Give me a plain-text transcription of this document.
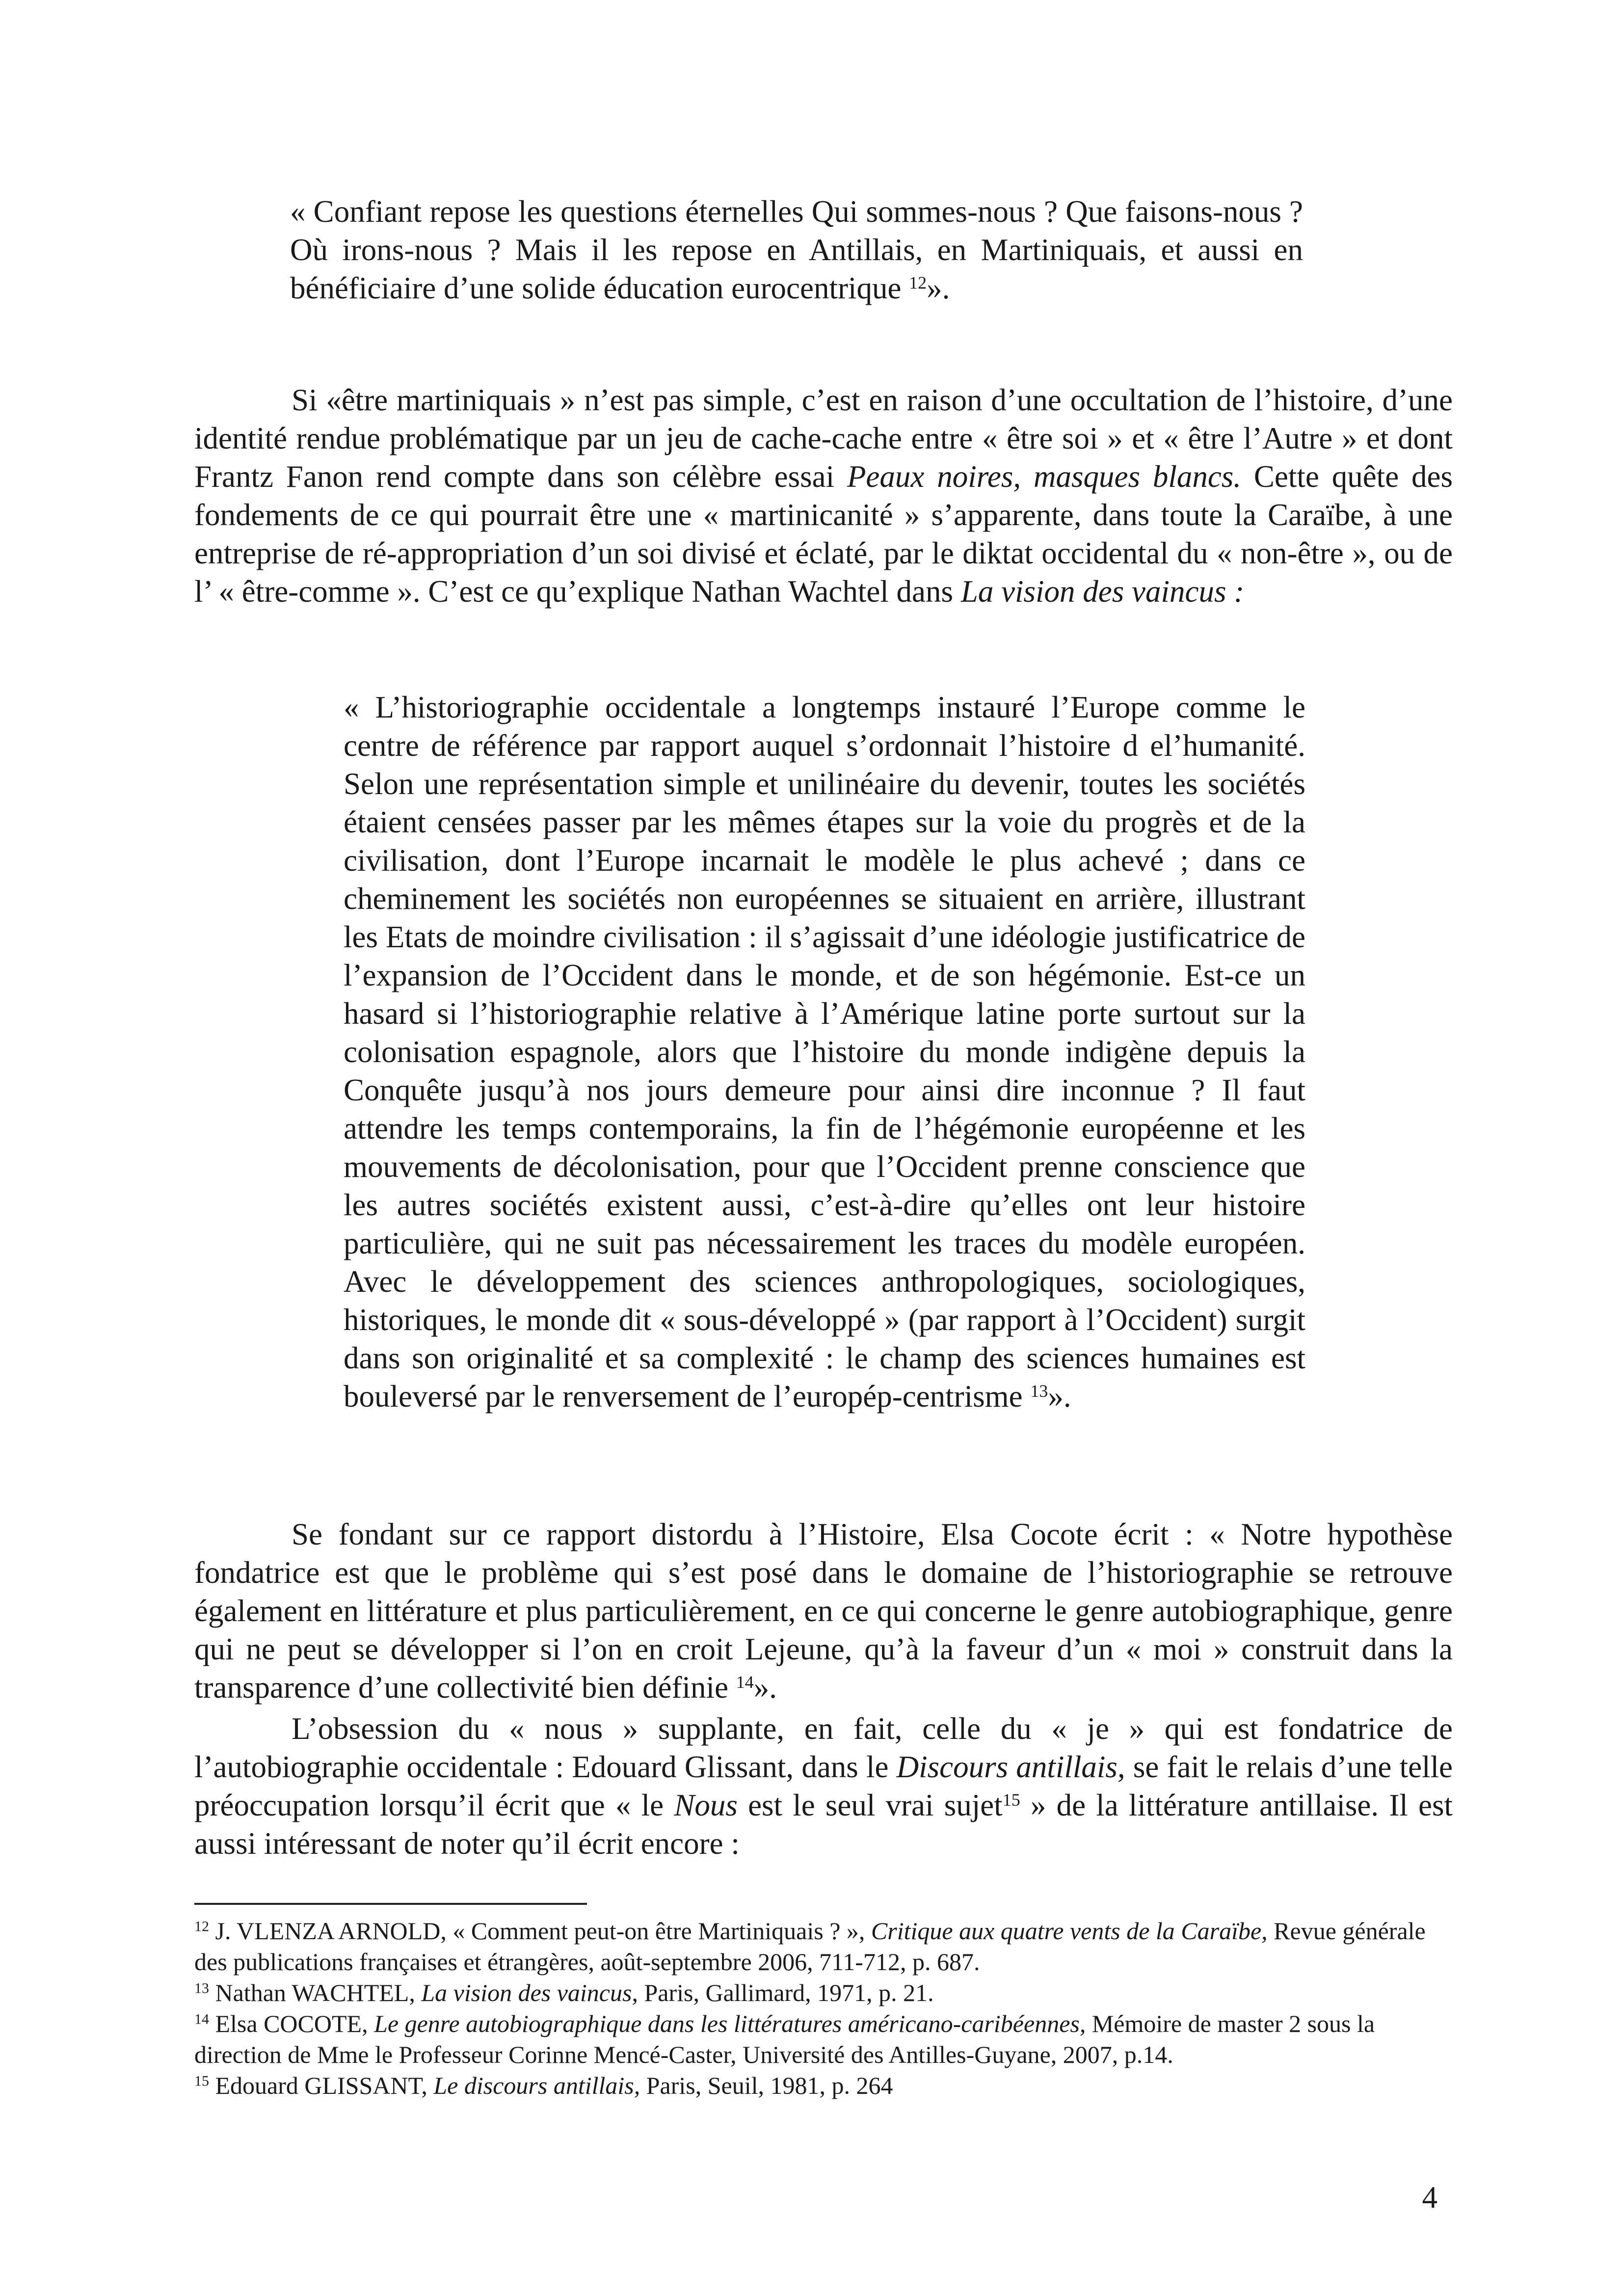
« Confiant repose les questions éternelles Qui sommes-nous ? Que faisons-nous ? Où irons-nous ? Mais il les repose en Antillais, en Martiniquais, et aussi en bénéficiaire d’une solide éducation eurocentrique $^{12}$».

Si «être martiniquais » n’est pas simple, c’est en raison d’une occultation de l’histoire, d’une identité rendue problématique par un jeu de cache-cache entre « être soi » et « être l’Autre » et dont Frantz Fanon rend compte dans son célèbre essai Peaux noires, masques blancs. Cette quête des fondements de ce qui pourrait être une « martinicanité » s’apparente, dans toute la Caraïbe, à une entreprise de ré-appropriation d’un soi divisé et éclaté, par le diktat occidental du « non-être », ou de l’ « être-comme ». C’est ce qu’explique Nathan Wachtel dans La vision des vaincus :

« L’historiographie occidentale a longtemps instauré l’Europe comme le centre de référence par rapport auquel s’ordonnait l’histoire d el’humanité. Selon une représentation simple et unilinéaire du devenir, toutes les sociétés étaient censées passer par les mêmes étapes sur la voie du progrès et de la civilisation, dont l’Europe incarnait le modèle le plus achevé ; dans ce cheminement les sociétés non européennes se situaient en arrière, illustrant les Etats de moindre civilisation : il s’agissait d’une idéologie justificatrice de l’expansion de l’Occident dans le monde, et de son hégémonie. Est-ce un hasard si l’historiographie relative à l’Amérique latine porte surtout sur la colonisation espagnole, alors que l’histoire du monde indigène depuis la Conquête jusqu’à nos jours demeure pour ainsi dire inconnue ? Il faut attendre les temps contemporains, la fin de l’hégémonie européenne et les mouvements de décolonisation, pour que l’Occident prenne conscience que les autres sociétés existent aussi, c’est-à-dire qu’elles ont leur histoire particulière, qui ne suit pas nécessairement les traces du modèle européen. Avec le développement des sciences anthropologiques, sociologiques, historiques, le monde dit « sous-développé » (par rapport à l’Occident) surgit dans son originalité et sa complexité : le champ des sciences humaines est bouleversé par le renversement de l’europép-centrisme $^{13}$».

Se fondant sur ce rapport distordu à l’Histoire, Elsa Cocote écrit : « Notre hypothèse fondatrice est que le problème qui s’est posé dans le domaine de l’historiographie se retrouve également en littérature et plus particulièrement, en ce qui concerne le genre autobiographique, genre qui ne peut se développer si l’on en croit Lejeune, qu’à la faveur d’un « moi » construit dans la transparence d’une collectivité bien définie $^{14}$».

L’obsession du « nous » supplante, en fait, celle du « je » qui est fondatrice de l’autobiographie occidentale : Edouard Glissant, dans le Discours antillais, se fait le relais d’une telle préoccupation lorsqu’il écrit que « le Nous est le seul vrai sujet$^{15}$ » de la littérature antillaise. Il est aussi intéressant de noter qu’il écrit encore :

$^{12}$ J. VLENZA ARNOLD, « Comment peut-on être Martiniquais ? », Critique aux quatre vents de la Caraïbe, Revue générale des publications françaises et étrangères, août-septembre 2006, 711-712, p. 687.

$^{13}$ Nathan WACHTEL, La vision des vaincus, Paris, Gallimard, 1971, p. 21.

$^{14}$ Elsa COCOTE, Le genre autobiographique dans les littératures américano-caribéennes, Mémoire de master 2 sous la direction de Mme le Professeur Corinne Mencé-Caster, Université des Antilles-Guyane, 2007, p.14.

$^{15}$ Edouard GLISSANT, Le discours antillais, Paris, Seuil, 1981, p. 264

4
